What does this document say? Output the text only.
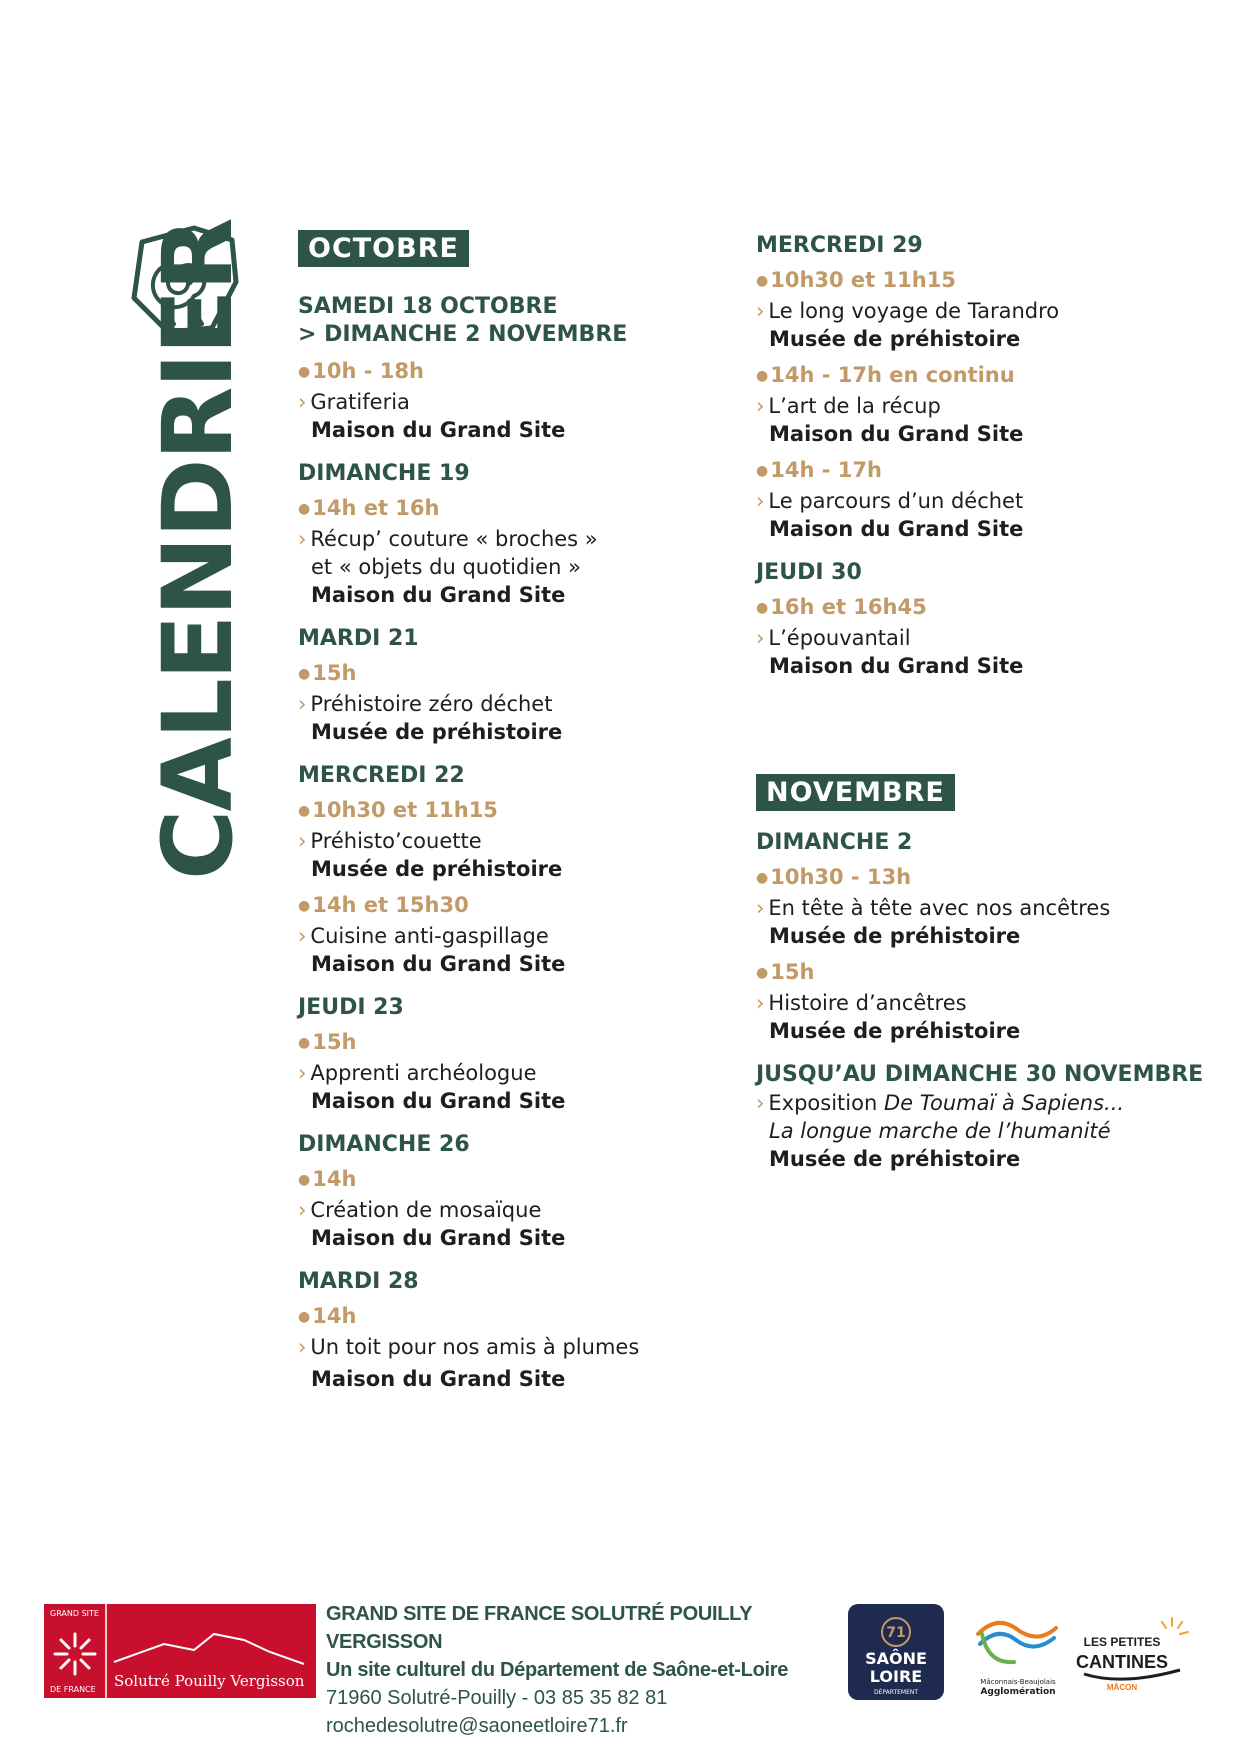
CALENDRIER	OCTOBRE
SAMEDI 18 OCTOBRE
> DIMANCHE 2 NOVEMBRE
●10h - 18h
› Gratiferia
Maison du Grand Site
DIMANCHE 19
●14h et 16h
› Récup’ couture « broches »
et « objets du quotidien »
Maison du Grand Site
MARDI 21
●15h
› Préhistoire zéro déchet
Musée de préhistoire
MERCREDI 22
●10h30 et 11h15
› Préhisto’couette
Musée de préhistoire
●14h et 15h30
› Cuisine anti-gaspillage
Maison du Grand Site
JEUDI 23
●15h
› Apprenti archéologue
Maison du Grand Site
DIMANCHE 26
●14h
› Création de mosaïque
Maison du Grand Site
MARDI 28
●14h
› Un toit pour nos amis à plumes
Maison du Grand Site
MERCREDI 29
●10h30 et 11h15
› Le long voyage de Tarandro
Musée de préhistoire
●14h - 17h en continu
› L’art de la récup
Maison du Grand Site
●14h - 17h
› Le parcours d’un déchet
Maison du Grand Site
JEUDI 30
●16h et 16h45
› L’épouvantail
Maison du Grand Site
NOVEMBRE
DIMANCHE 2
●10h30 - 13h
› En tête à tête avec nos ancêtres
Musée de préhistoire
●15h
› Histoire d’ancêtres
Musée de préhistoire
JUSQU’AU DIMANCHE 30 NOVEMBRE
› Exposition De Toumaï à Sapiens...
La longue marche de l’humanité
Musée de préhistoire
GRAND SITE
DE FRANCE Solutré Pouilly Vergisson
GRAND SITE DE FRANCE SOLUTRÉ POUILLY VERGISSON
Un site culturel du Département de Saône-et-Loire
71960 Solutré-Pouilly - 03 85 35 82 81
rochedesolutre@saoneetloire71.fr
71
SAÔNE
LOIRE
DÉPARTEMENT
Mâconnais-Beaujolais
Agglomération
LES PETITES
CANTINES
MÂCON
